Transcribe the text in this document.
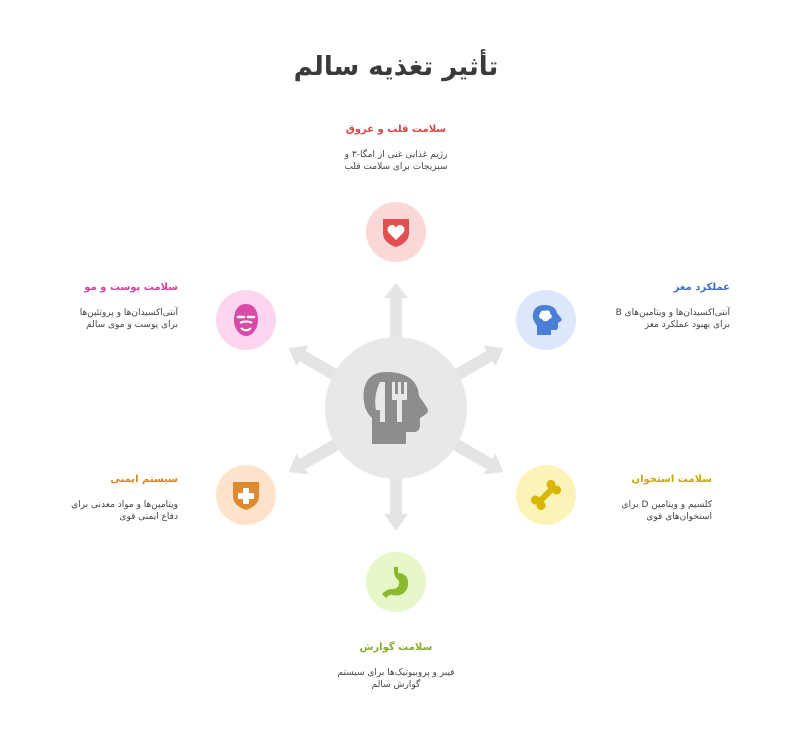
تأثیر تغذیه سالم
سلامت قلب و عروق
رژیم غذایی غنی از امگا-۳ و
سبزیجات برای سلامت قلب
عملکرد مغز
آنتی‌اکسیدان‌ها و ویتامین‌های B
برای بهبود عملکرد مغز
سلامت استخوان
کلسیم و ویتامین D برای
استخوان‌های قوی
سلامت گوارش
فیبر و پروبیوتیک‌ها برای سیستم
گوارش سالم
سیستم ایمنی
ویتامین‌ها و مواد معدنی برای
دفاع ایمنی قوی
سلامت پوست و مو
آنتی‌اکسیدان‌ها و پروتئین‌ها
برای پوست و موی سالم
